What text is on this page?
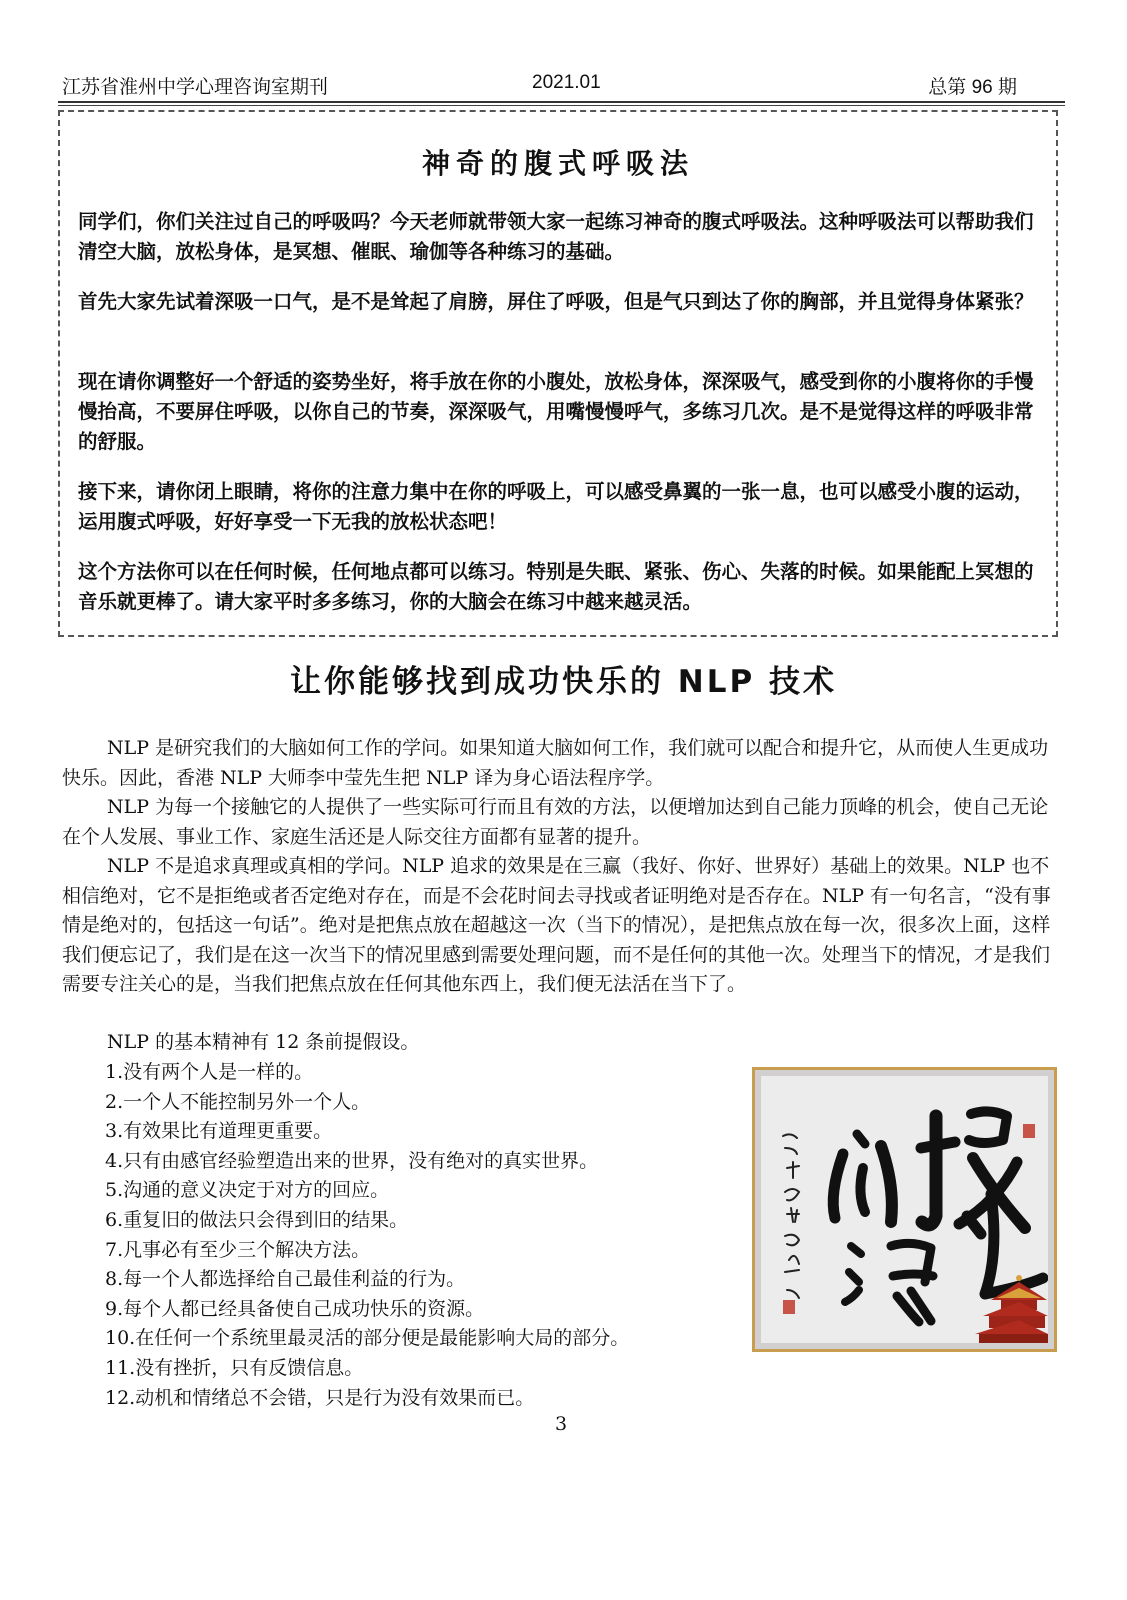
江苏省淮州中学心理咨询室期刊	2021.01	总第 96 期
神奇的腹式呼吸法

同学们，你们关注过自己的呼吸吗？今天老师就带领大家一起练习神奇的腹式呼吸法。这种呼吸法可以帮助我们清空大脑，放松身体，是冥想、催眠、瑜伽等各种练习的基础。

首先大家先试着深吸一口气，是不是耸起了肩膀，屏住了呼吸，但是气只到达了你的胸部，并且觉得身体紧张？

现在请你调整好一个舒适的姿势坐好，将手放在你的小腹处，放松身体，深深吸气，感受到你的小腹将你的手慢慢抬高，不要屏住呼吸，以你自己的节奏，深深吸气，用嘴慢慢呼气，多练习几次。是不是觉得这样的呼吸非常的舒服。

接下来，请你闭上眼睛，将你的注意力集中在你的呼吸上，可以感受鼻翼的一张一息，也可以感受小腹的运动，运用腹式呼吸，好好享受一下无我的放松状态吧！

这个方法你可以在任何时候，任何地点都可以练习。特别是失眠、紧张、伤心、失落的时候。如果能配上冥想的音乐就更棒了。请大家平时多多练习，你的大脑会在练习中越来越灵活。

让你能够找到成功快乐的 NLP 技术

NLP 是研究我们的大脑如何工作的学问。如果知道大脑如何工作，我们就可以配合和提升它，从而使人生更成功快乐。因此，香港 NLP 大师李中莹先生把 NLP 译为身心语法程序学。

NLP 为每一个接触它的人提供了一些实际可行而且有效的方法，以便增加达到自己能力顶峰的机会，使自己无论在个人发展、事业工作、家庭生活还是人际交往方面都有显著的提升。

NLP 不是追求真理或真相的学问。NLP 追求的效果是在三赢（我好、你好、世界好）基础上的效果。NLP 也不相信绝对，它不是拒绝或者否定绝对存在，而是不会花时间去寻找或者证明绝对是否存在。NLP 有一句名言，“没有事情是绝对的，包括这一句话”。绝对是把焦点放在超越这一次（当下的情况），是把焦点放在每一次，很多次上面，这样我们便忘记了，我们是在这一次当下的情况里感到需要处理问题，而不是任何的其他一次。处理当下的情况，才是我们需要专注关心的是，当我们把焦点放在任何其他东西上，我们便无法活在当下了。

NLP 的基本精神有 12 条前提假设。

1.没有两个人是一样的。
2.一个人不能控制另外一个人。
3.有效果比有道理更重要。
4.只有由感官经验塑造出来的世界，没有绝对的真实世界。
5.沟通的意义决定于对方的回应。
6.重复旧的做法只会得到旧的结果。
7.凡事必有至少三个解决方法。
8.每一个人都选择给自己最佳利益的行为。
9.每个人都已经具备使自己成功快乐的资源。
10.在任何一个系统里最灵活的部分便是最能影响大局的部分。
11.没有挫折，只有反馈信息。
12.动机和情绪总不会错，只是行为没有效果而已。
3
